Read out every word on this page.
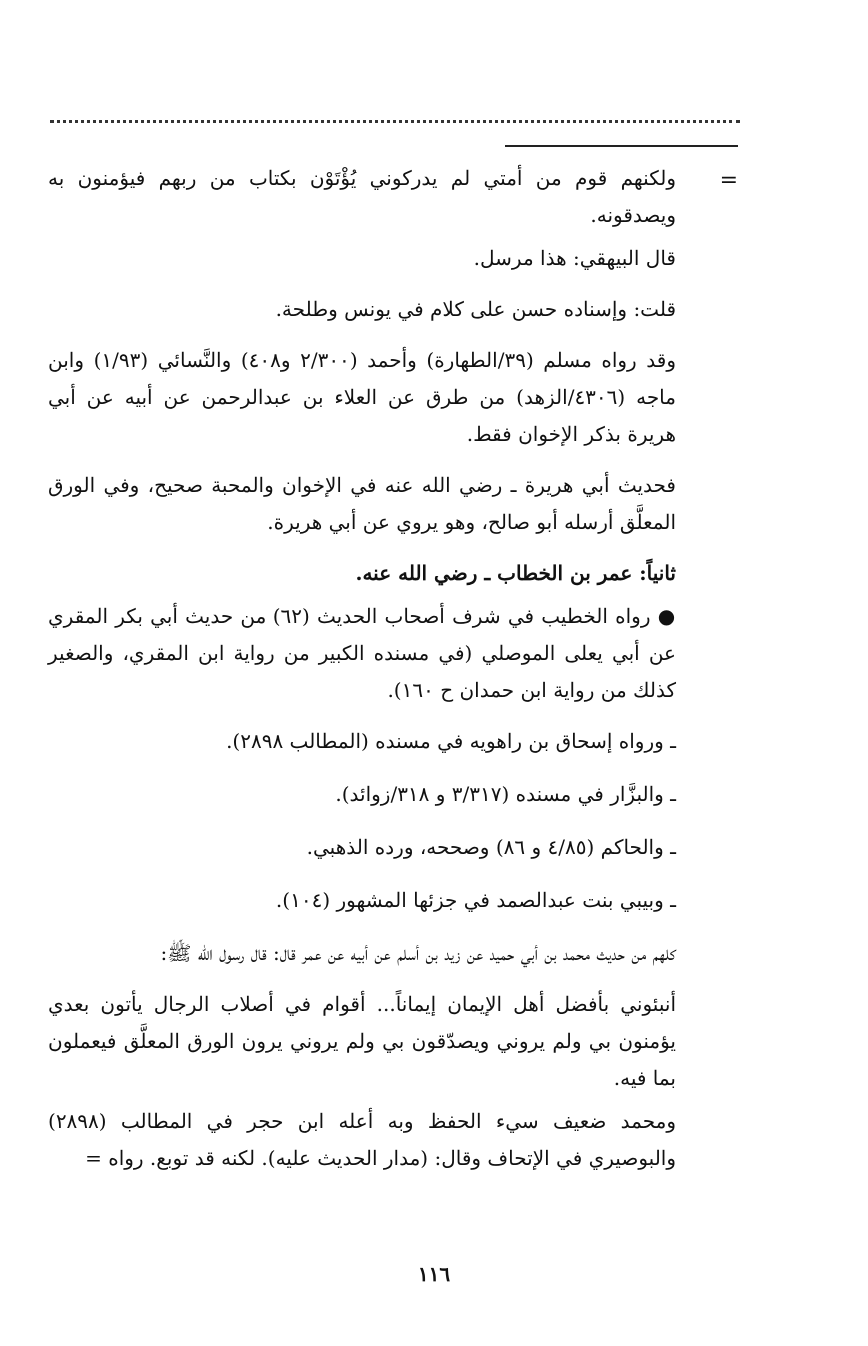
=

ولكنهم قوم من أمتي لم يدركوني يُؤْتَوْن بكتاب من ربهم فيؤمنون به ويصدقونه.

قال البيهقي: هذا مرسل.

قلت: وإسناده حسن على كلام في يونس وطلحة.

وقد رواه مسلم (٣٩/الطهارة) وأحمد (٢/٣٠٠ و٤٠٨) والنَّسائي (١/٩٣) وابن ماجه (٤٣٠٦/الزهد) من طرق عن العلاء بن عبدالرحمن عن أبيه عن أبي هريرة بذكر الإخوان فقط.

فحديث أبي هريرة ـ رضي الله عنه في الإخوان والمحبة صحيح، وفي الورق المعلَّق أرسله أبو صالح، وهو يروي عن أبي هريرة.

ثانياً: عمر بن الخطاب ـ رضي الله عنه.

● رواه الخطيب في شرف أصحاب الحديث (٦٢) من حديث أبي بكر المقري عن أبي يعلى الموصلي (في مسنده الكبير من رواية ابن المقري، والصغير كذلك من رواية ابن حمدان ح ١٦٠).

ـ ورواه إسحاق بن راهويه في مسنده (المطالب ٢٨٩٨).

ـ والبزَّار في مسنده (٣/٣١٧ و ٣١٨/زوائد).

ـ والحاكم (٤/٨٥ و ٨٦) وصححه، ورده الذهبي.

ـ وبيبي بنت عبدالصمد في جزئها المشهور (١٠٤).

كلهم من حديث محمد بن أبي حميد عن زيد بن أسلم عن أبيه عن عمر قال: قال رسول الله ﷺ:

أنبئوني بأفضل أهل الإيمان إيماناً... أقوام في أصلاب الرجال يأتون بعدي يؤمنون بي ولم يروني ويصدّقون بي ولم يروني يرون الورق المعلَّق فيعملون بما فيه.

ومحمد ضعيف سيء الحفظ وبه أعله ابن حجر في المطالب (٢٨٩٨) والبوصيري في الإتحاف وقال: (مدار الحديث عليه). لكنه قد توبع. رواه =

١١٦
